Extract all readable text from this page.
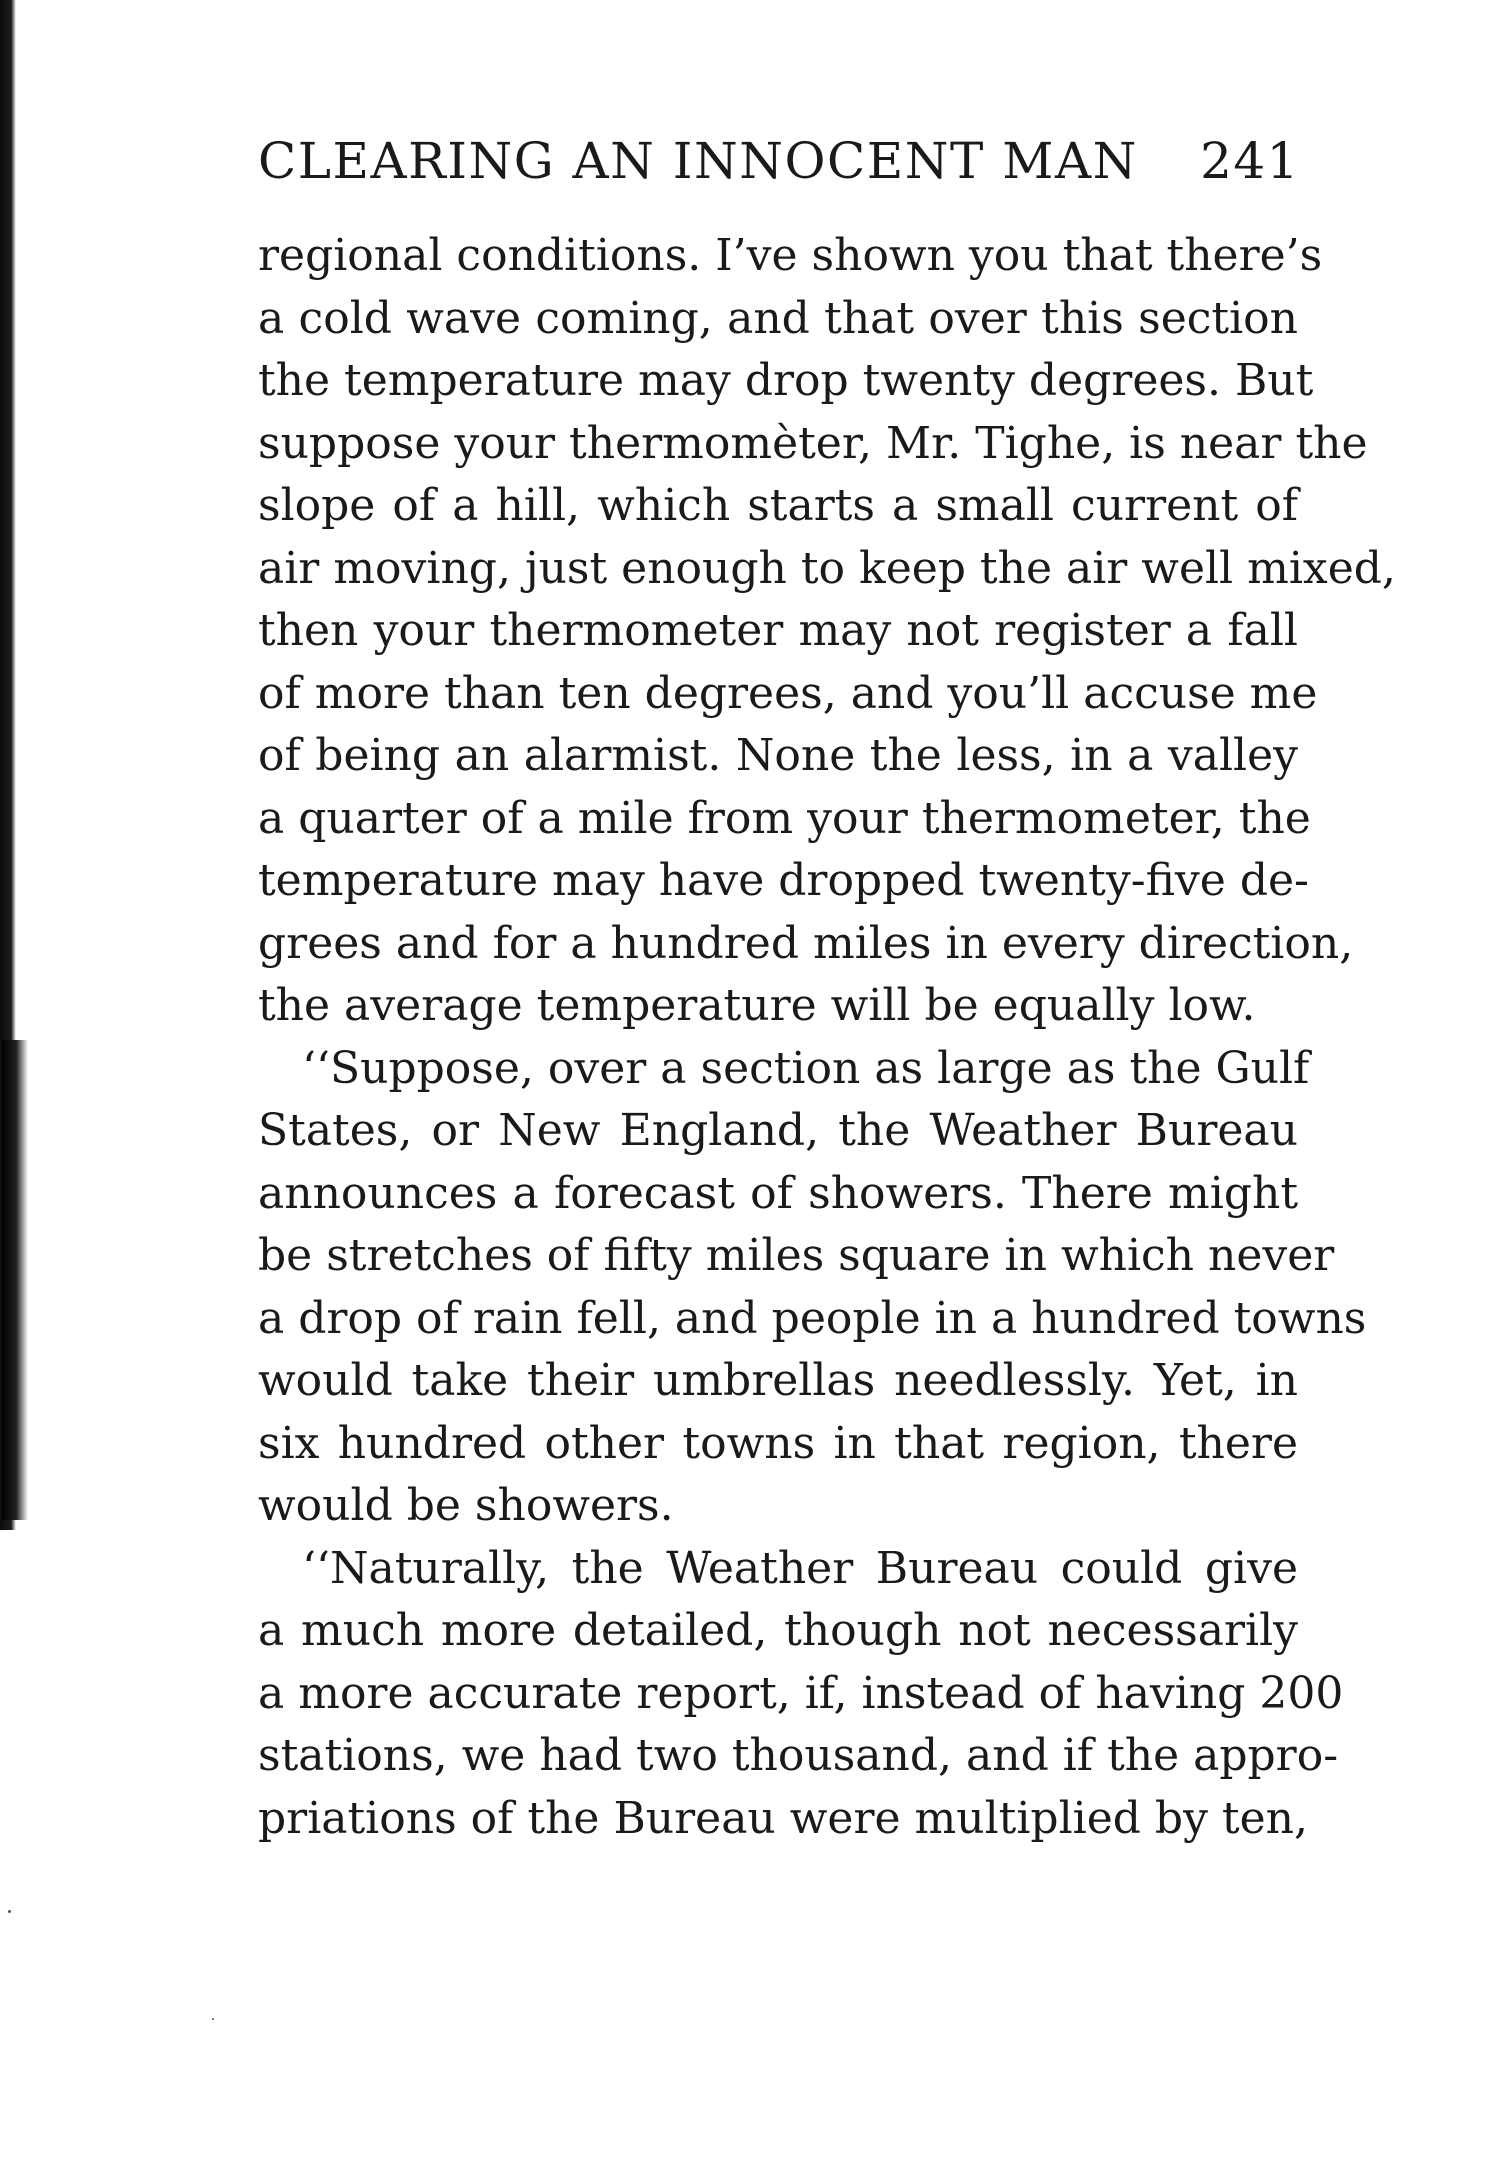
CLEARING AN INNOCENT MAN 241
regional conditions. I’ve shown you that there’s
a cold wave coming, and that over this section
the temperature may drop twenty degrees. But
suppose your thermomèter, Mr. Tighe, is near the
slope of a hill, which starts a small current of
air moving, just enough to keep the air well mixed,
then your thermometer may not register a fall
of more than ten degrees, and you’ll accuse me
of being an alarmist. None the less, in a valley
a quarter of a mile from your thermometer, the
temperature may have dropped twenty-five de-
grees and for a hundred miles in every direction,
the average temperature will be equally low.
‘‘Suppose, over a section as large as the Gulf
States, or New England, the Weather Bureau
announces a forecast of showers. There might
be stretches of fifty miles square in which never
a drop of rain fell, and people in a hundred towns
would take their umbrellas needlessly. Yet, in
six hundred other towns in that region, there
would be showers.
‘‘Naturally, the Weather Bureau could give
a much more detailed, though not necessarily
a more accurate report, if, instead of having 200
stations, we had two thousand, and if the appro-
priations of the Bureau were multiplied by ten,
